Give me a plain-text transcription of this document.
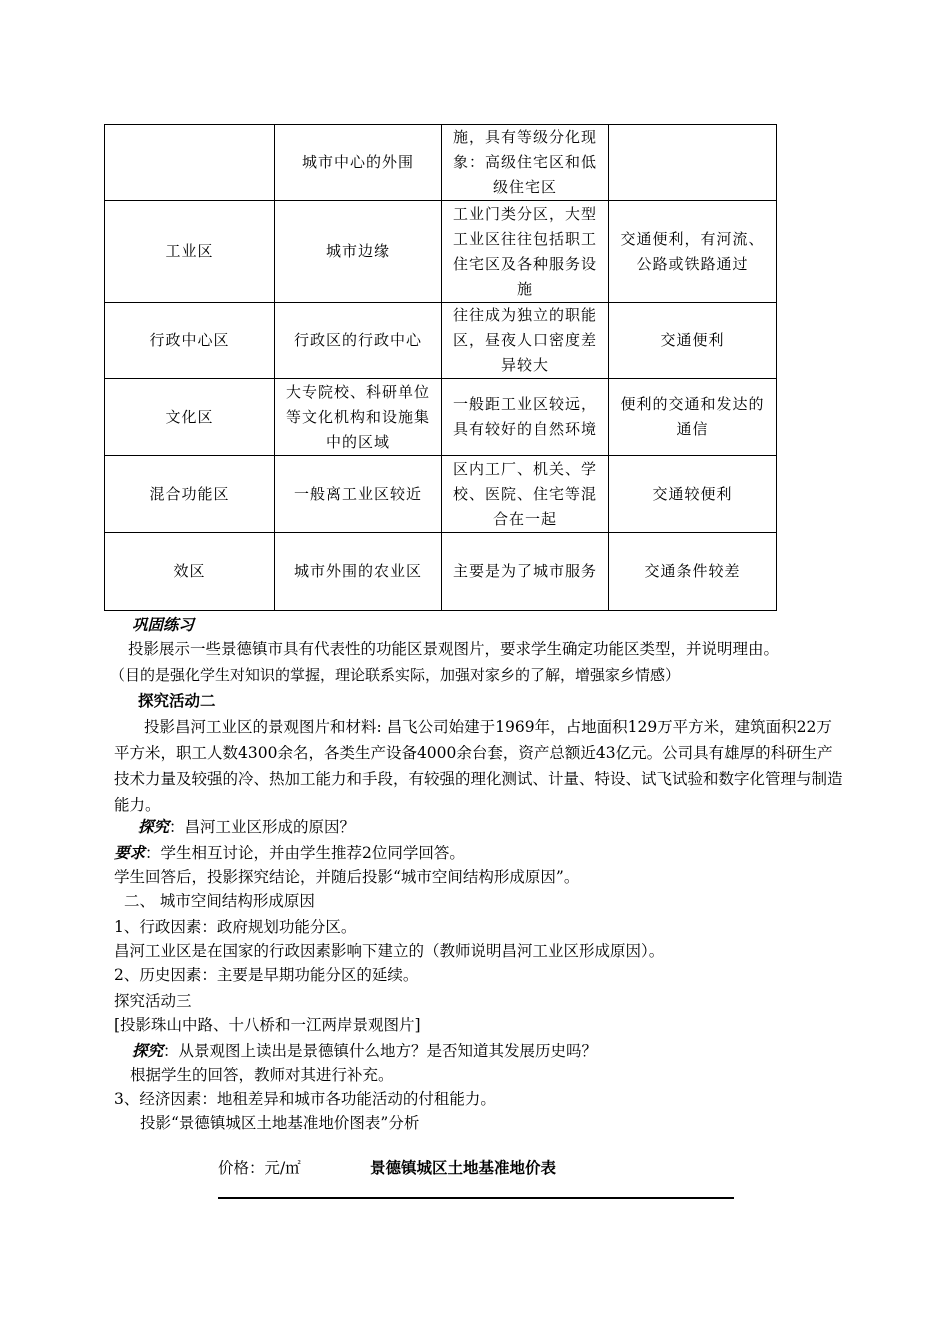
	城市中心的外围	施，具有等级分化现象：高级住宅区和低级住宅区	
工业区	城市边缘	工业门类分区，大型工业区往往包括职工住宅区及各种服务设施	交通便利，有河流、公路或铁路通过
行政中心区	行政区的行政中心	往往成为独立的职能区，昼夜人口密度差异较大	交通便利
文化区	大专院校、科研单位等文化机构和设施集中的区域	一般距工业区较远，具有较好的自然环境	便利的交通和发达的通信
混合功能区	一般离工业区较近	区内工厂、机关、学校、医院、住宅等混合在一起	交通较便利
效区	城市外围的农业区	主要是为了城市服务	交通条件较差
巩固练习
投影展示一些景德镇市具有代表性的功能区景观图片，要求学生确定功能区类型，并说明理由。
（目的是强化学生对知识的掌握，理论联系实际，加强对家乡的了解，增强家乡情感）
探究活动二
投影昌河工业区的景观图片和材料: 昌飞公司始建于1969年，占地面积129万平方米，建筑面积22万平方米，职工人数4300余名，各类生产设备4000余台套，资产总额近43亿元。公司具有雄厚的科研生产技术力量及较强的冷、热加工能力和手段，有较强的理化测试、计量、特设、试飞试验和数字化管理与制造能力。
探究：昌河工业区形成的原因？
要求：学生相互讨论，并由学生推荐2位同学回答。
学生回答后，投影探究结论，并随后投影“城市空间结构形成原因”。
二、 城市空间结构形成原因
1、行政因素：政府规划功能分区。
昌河工业区是在国家的行政因素影响下建立的（教师说明昌河工业区形成原因）。
2、历史因素：主要是早期功能分区的延续。
探究活动三
[投影珠山中路、十八桥和一江两岸景观图片]
探究：从景观图上读出是景德镇什么地方？是否知道其发展历史吗？
根据学生的回答，教师对其进行补充。
3、经济因素：地租差异和城市各功能活动的付租能力。
投影“景德镇城区土地基准地价图表”分析
价格：元/㎡	景德镇城区土地基准地价表
